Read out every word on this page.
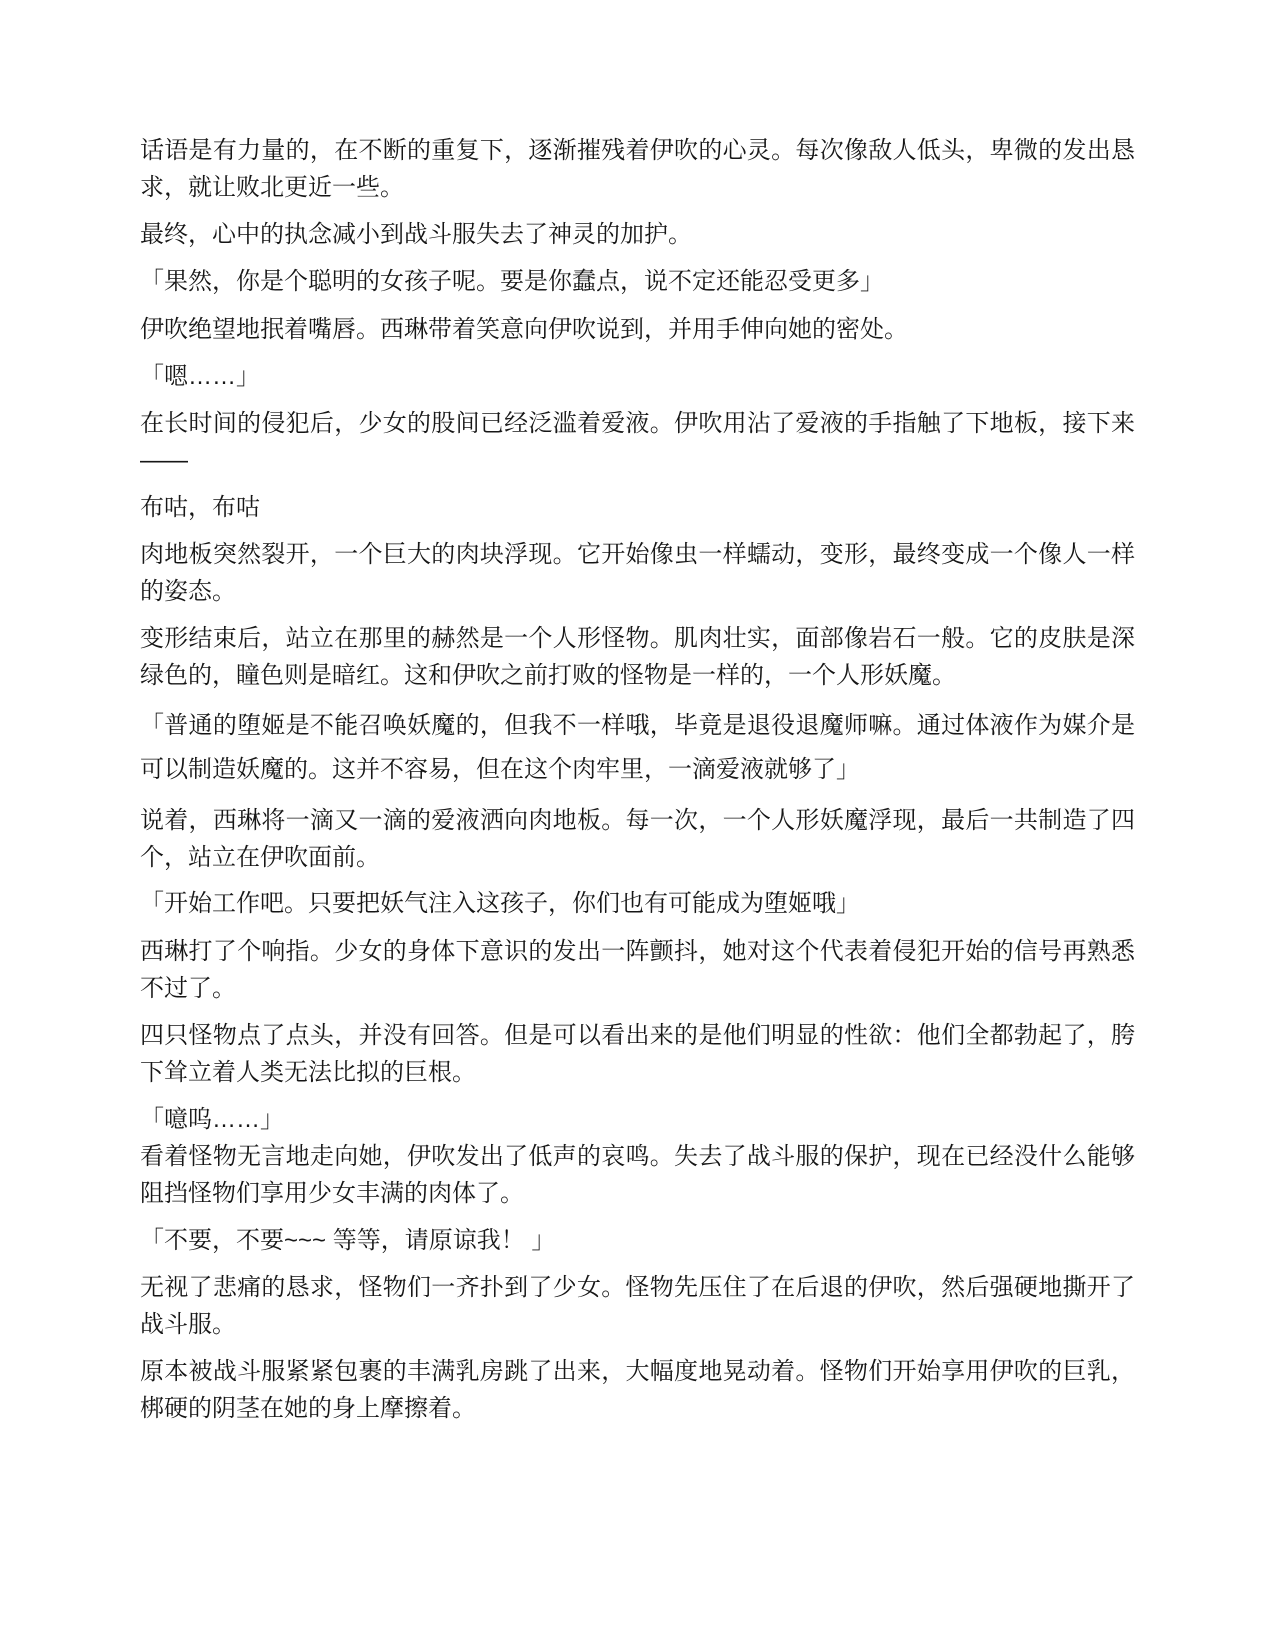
话语是有力量的，在不断的重复下，逐渐摧残着伊吹的心灵。每次像敌人低头，卑微的发出恳求，就让败北更近一些。

最终，心中的执念减小到战斗服失去了神灵的加护。

「果然，你是个聪明的女孩子呢。要是你蠢点，说不定还能忍受更多」

伊吹绝望地抿着嘴唇。西琳带着笑意向伊吹说到，并用手伸向她的密处。

「嗯……」

在长时间的侵犯后，少女的股间已经泛滥着爱液。伊吹用沾了爱液的手指触了下地板，接下来——

布咕，布咕

肉地板突然裂开，一个巨大的肉块浮现。它开始像虫一样蠕动，变形，最终变成一个像人一样的姿态。

变形结束后，站立在那里的赫然是一个人形怪物。肌肉壮实，面部像岩石一般。它的皮肤是深绿色的，瞳色则是暗红。这和伊吹之前打败的怪物是一样的，一个人形妖魔。

「普通的堕姬是不能召唤妖魔的，但我不一样哦，毕竟是退役退魔师嘛。通过体液作为媒介是可以制造妖魔的。这并不容易，但在这个肉牢里，一滴爱液就够了」

说着，西琳将一滴又一滴的爱液洒向肉地板。每一次，一个人形妖魔浮现，最后一共制造了四个，站立在伊吹面前。

「开始工作吧。只要把妖气注入这孩子，你们也有可能成为堕姬哦」

西琳打了个响指。少女的身体下意识的发出一阵颤抖，她对这个代表着侵犯开始的信号再熟悉不过了。

四只怪物点了点头，并没有回答。但是可以看出来的是他们明显的性欲：他们全都勃起了，胯下耸立着人类无法比拟的巨根。

「噫呜……」

看着怪物无言地走向她，伊吹发出了低声的哀鸣。失去了战斗服的保护，现在已经没什么能够阻挡怪物们享用少女丰满的肉体了。

「不要，不要~~~ 等等，请原谅我！ 」

无视了悲痛的恳求，怪物们一齐扑到了少女。怪物先压住了在后退的伊吹，然后强硬地撕开了战斗服。

原本被战斗服紧紧包裹的丰满乳房跳了出来，大幅度地晃动着。怪物们开始享用伊吹的巨乳，梆硬的阴茎在她的身上摩擦着。
